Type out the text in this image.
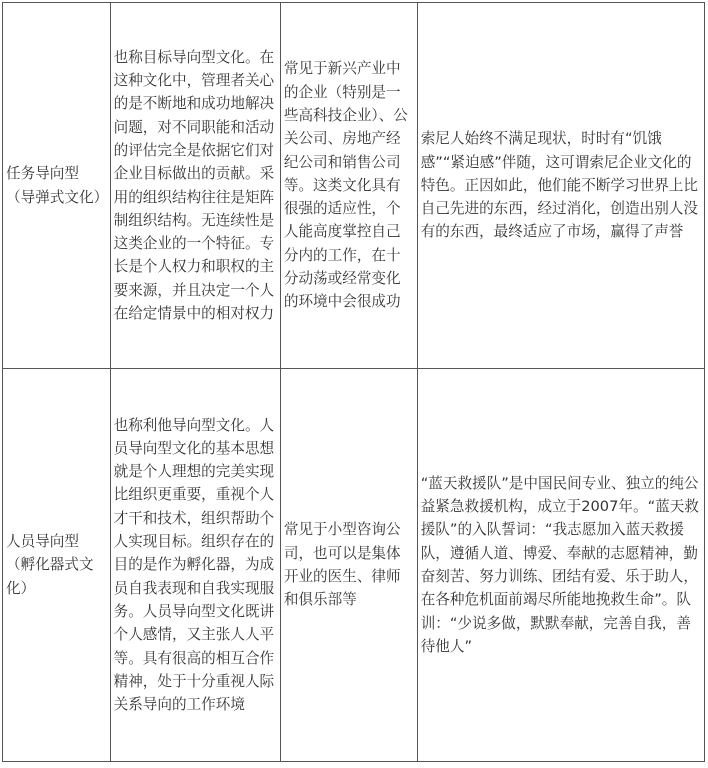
任务导向型（导弹式文化）	也称目标导向型文化。在这种文化中，管理者关心的是不断地和成功地解决问题，对不同职能和活动的评估完全是依据它们对企业目标做出的贡献。采用的组织结构往往是矩阵制组织结构。无连续性是这类企业的一个特征。专长是个人权力和职权的主要来源，并且决定一个人在给定情景中的相对权力	常见于新兴产业中的企业（特别是一些高科技企业）、公关公司、房地产经纪公司和销售公司等。这类文化具有很强的适应性，个人能高度掌控自己分内的工作，在十分动荡或经常变化的环境中会很成功	索尼人始终不满足现状，时时有“饥饿感”“紧迫感”伴随，这可谓索尼企业文化的特色。正因如此，他们能不断学习世界上比自己先进的东西，经过消化，创造出别人没有的东西，最终适应了市场，赢得了声誉

人员导向型（孵化器式文化）	也称利他导向型文化。人员导向型文化的基本思想就是个人理想的完美实现比组织更重要，重视个人才干和技术，组织帮助个人实现目标。组织存在的目的是作为孵化器，为成员自我表现和自我实现服务。人员导向型文化既讲个人感情，又主张人人平等。具有很高的相互合作精神，处于十分重视人际关系导向的工作环境	常见于小型咨询公司，也可以是集体开业的医生、律师和俱乐部等	“蓝天救援队”是中国民间专业、独立的纯公益紧急救援机构，成立于2007年。“蓝天救援队”的入队誓词：“我志愿加入蓝天救援队，遵循人道、博爱、奉献的志愿精神，勤奋刻苦、努力训练、团结有爱、乐于助人，在各种危机面前竭尽所能地挽救生命”。队训：“少说多做，默默奉献，完善自我，善待他人”
